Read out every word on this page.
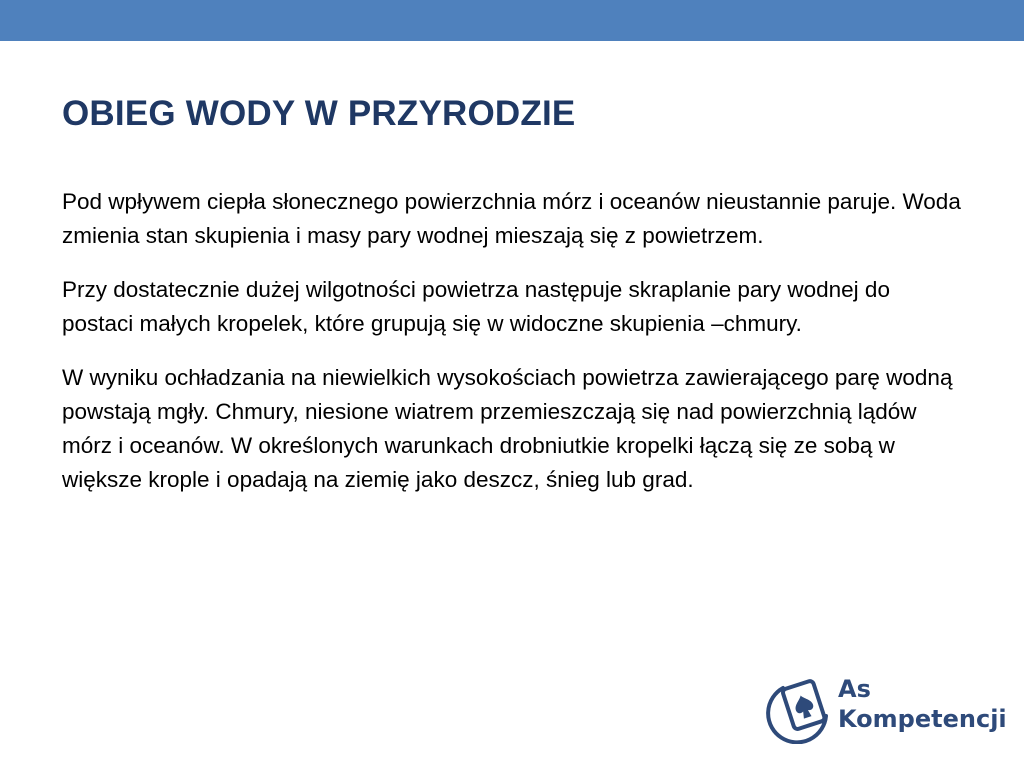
OBIEG WODY W PRZYRODZIE

Pod wpływem ciepła słonecznego powierzchnia mórz i oceanów nieustannie paruje. Woda zmienia stan skupienia i masy pary wodnej mieszają się z powietrzem.

Przy dostatecznie dużej wilgotności powietrza następuje skraplanie pary wodnej do postaci małych kropelek, które grupują się w widoczne skupienia –chmury.

W wyniku ochładzania na niewielkich wysokościach powietrza zawierającego parę wodną powstają mgły. Chmury, niesione wiatrem przemieszczają się nad powierzchnią lądów mórz i oceanów. W określonych warunkach drobniutkie kropelki łączą się ze sobą w większe krople i opadają na ziemię jako deszcz, śnieg lub grad.

As
Kompetencji
